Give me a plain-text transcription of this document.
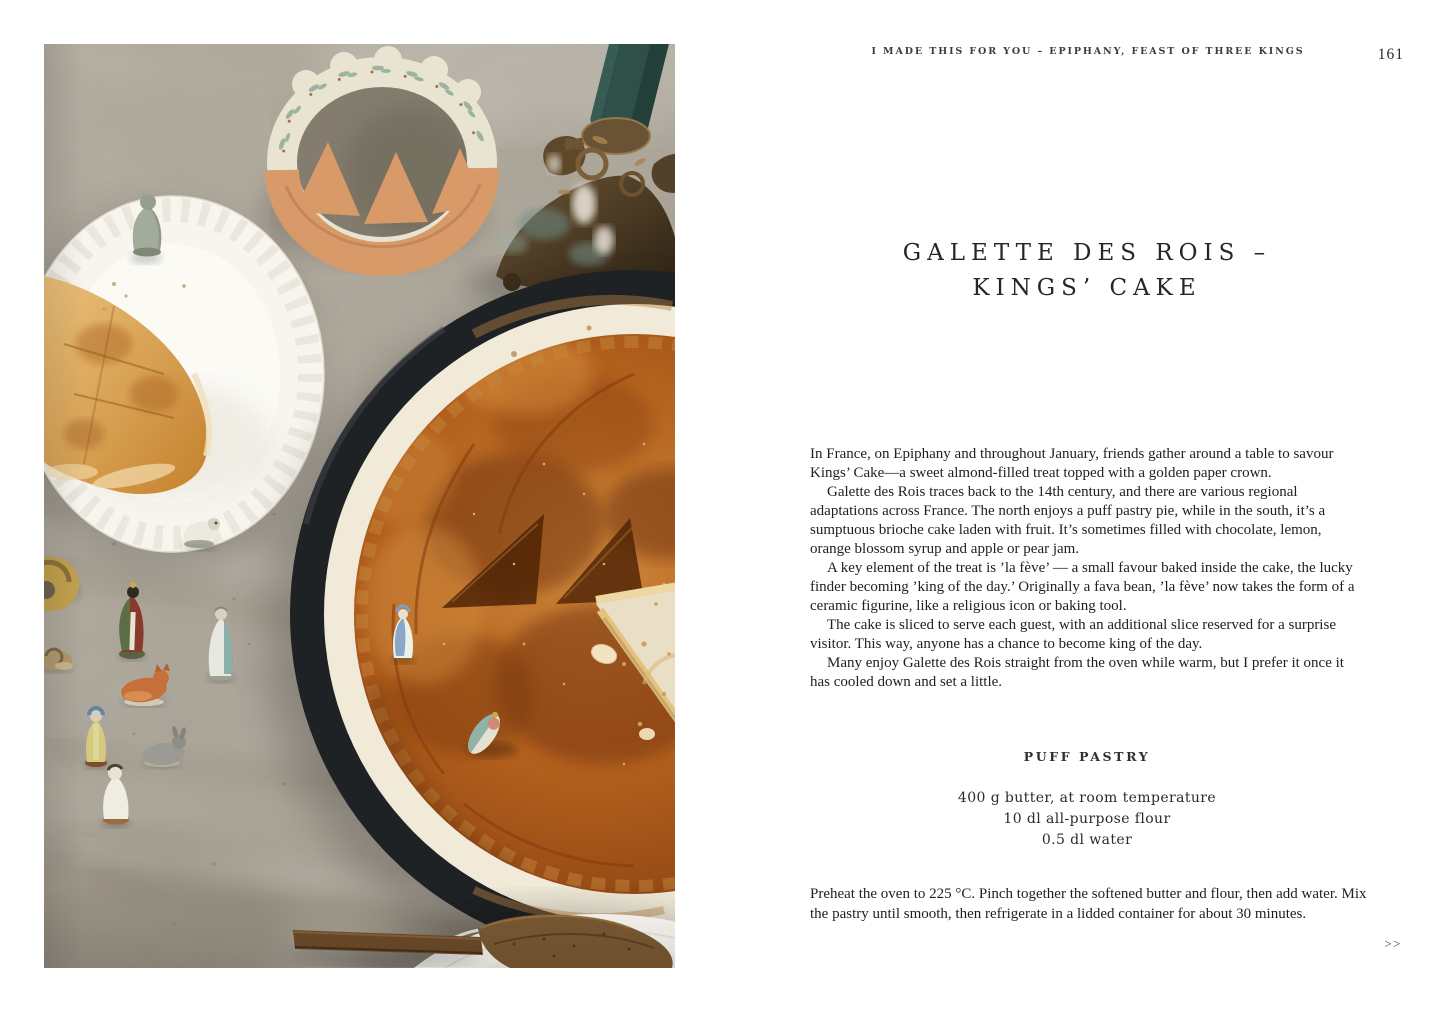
I MADE THIS FOR YOU – EPIPHANY, FEAST OF THREE KINGS	161
GALETTE DES ROIS –
KINGS’ CAKE

In France, on Epiphany and throughout January, friends gather around a table to savour Kings’ Cake—a sweet almond-filled treat topped with a golden paper crown.

Galette des Rois traces back to the 14th century, and there are various regional adaptations across France. The north enjoys a puff pastry pie, while in the south, it’s a sumptuous brioche cake laden with fruit. It’s sometimes filled with chocolate, lemon, orange blossom syrup and apple or pear jam.

A key element of the treat is ’la fève’ — a small favour baked inside the cake, the lucky finder becoming ’king of the day.’ Originally a fava bean, ’la fève’ now takes the form of a ceramic figurine, like a religious icon or baking tool.

The cake is sliced to serve each guest, with an additional slice reserved for a surprise visitor. This way, anyone has a chance to become king of the day.

Many enjoy Galette des Rois straight from the oven while warm, but I prefer it once it has cooled down and set a little.

PUFF PASTRY

400 g butter, at room temperature

10 dl all-purpose flour

0.5 dl water

Preheat the oven to 225 °C. Pinch together the softened butter and flour, then add water. Mix the pastry until smooth, then refrigerate in a lidded container for about 30 minutes.

>>
